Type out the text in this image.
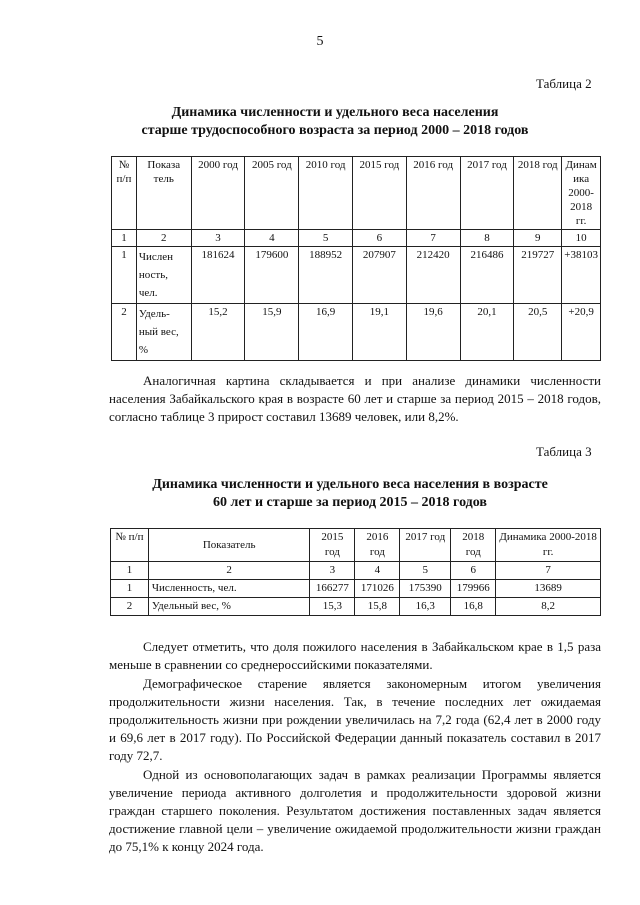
5
Таблица 2
Динамика численности и удельного веса населения
старше трудоспособного возраста за период 2000 – 2018 годов
№ п/п	Показа тель	2000 год	2005 год	2010 год	2015 год	2016 год	2017 год	2018 год	Динам ика 2000-2018 гг.
1	2	3	4	5	6	7	8	9	10
1	Числен ность, чел.	181624	179600	188952	207907	212420	216486	219727	+38103
2	Удель-ный вес, %	15,2	15,9	16,9	19,1	19,6	20,1	20,5	+20,9

Аналогичная картина складывается и при анализе динамики численности населения Забайкальского края в возрасте 60 лет и старше за период 2015 – 2018 годов, согласно таблице 3 прирост составил 13689 человек, или 8,2%.

Таблица 3
Динамика численности и удельного веса населения в возрасте
60 лет и старше за период 2015 – 2018 годов
№ п/п	Показатель	2015 год	2016 год	2017 год	2018 год	Динамика 2000-2018 гг.
1	2	3	4	5	6	7
1	Численность, чел.	166277	171026	175390	179966	13689
2	Удельный вес, %	15,3	15,8	16,3	16,8	8,2

Следует отметить, что доля пожилого населения в Забайкальском крае в 1,5 раза меньше в сравнении со среднероссийскими показателями.

Демографическое старение является закономерным итогом увеличения продолжительности жизни населения. Так, в течение последних лет ожидаемая продолжительность жизни при рождении увеличилась на 7,2 года (62,4 лет в 2000 году и 69,6 лет в 2017 году). По Российской Федерации данный показатель составил в 2017 году 72,7.

Одной из основополагающих задач в рамках реализации Программы является увеличение периода активного долголетия и продолжительности здоровой жизни граждан старшего поколения. Результатом достижения поставленных задач является достижение главной цели – увеличение ожидаемой продолжительности жизни граждан до 75,1% к концу 2024 года.
